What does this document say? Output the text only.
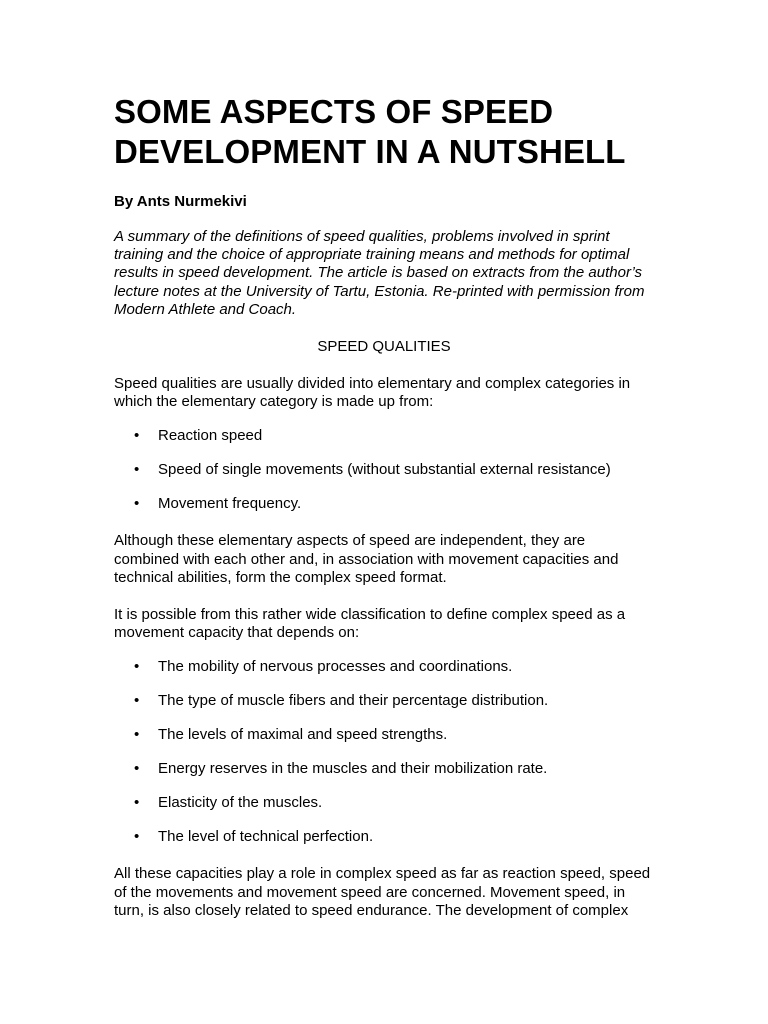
SOME ASPECTS OF SPEED
DEVELOPMENT IN A NUTSHELL

By Ants Nurmekivi

A summary of the definitions of speed qualities, problems involved in sprint
training and the choice of appropriate training means and methods for optimal
results in speed development. The article is based on extracts from the author’s
lecture notes at the University of Tartu, Estonia. Re-printed with permission from
Modern Athlete and Coach.

SPEED QUALITIES

Speed qualities are usually divided into elementary and complex categories in
which the elementary category is made up from:

• Reaction speed
• Speed of single movements (without substantial external resistance)
• Movement frequency.

Although these elementary aspects of speed are independent, they are
combined with each other and, in association with movement capacities and
technical abilities, form the complex speed format.

It is possible from this rather wide classification to define complex speed as a
movement capacity that depends on:

• The mobility of nervous processes and coordinations.
• The type of muscle fibers and their percentage distribution.
• The levels of maximal and speed strengths.
• Energy reserves in the muscles and their mobilization rate.
• Elasticity of the muscles.
• The level of technical perfection.

All these capacities play a role in complex speed as far as reaction speed, speed
of the movements and movement speed are concerned. Movement speed, in
turn, is also closely related to speed endurance. The development of complex
